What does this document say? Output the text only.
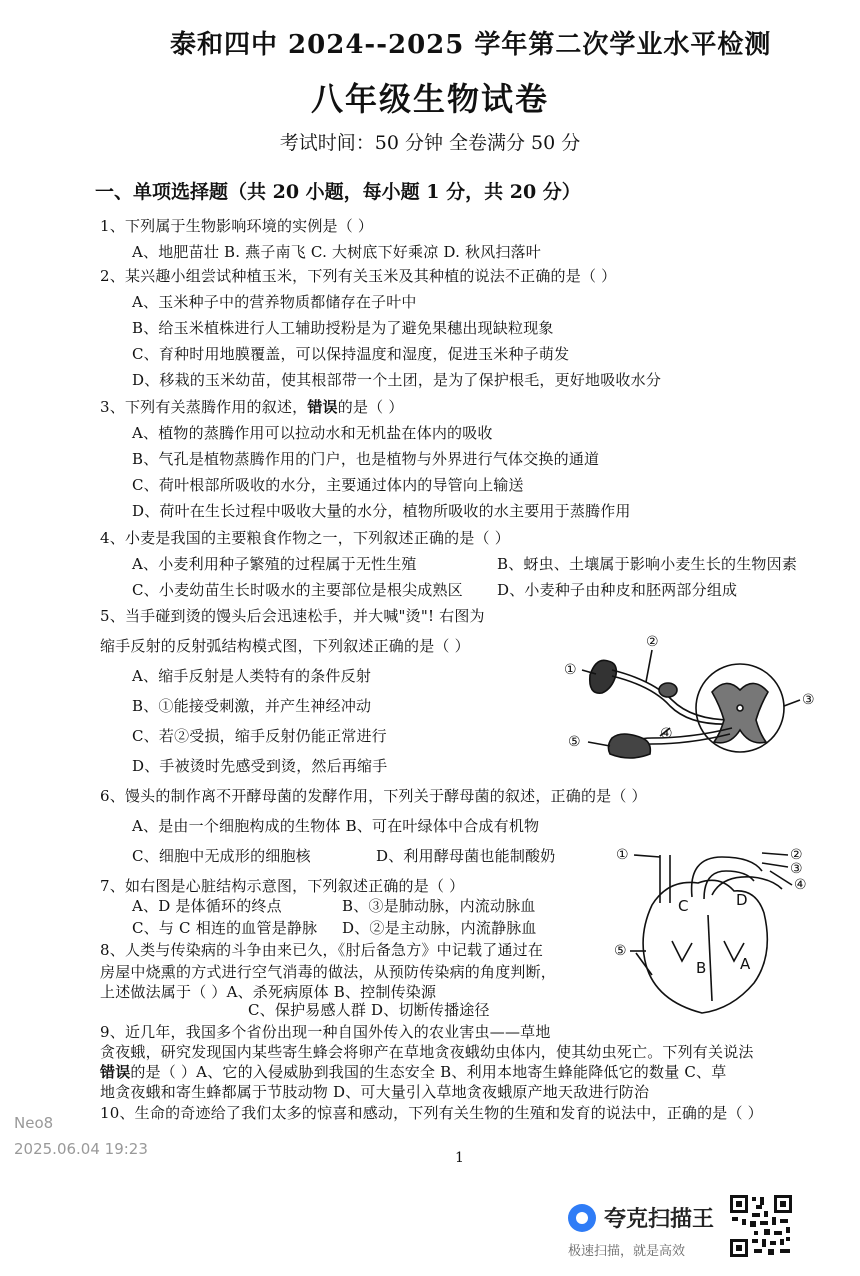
泰和四中 2024--2025 学年第二次学业水平检测
八年级生物试卷
考试时间：50 分钟 全卷满分 50 分
一、单项选择题（共 20 小题，每小题 1 分，共 20 分）
1、下列属于生物影响环境的实例是（ ）
A、地肥苗壮 B. 燕子南飞 C. 大树底下好乘凉 D. 秋风扫落叶
2、某兴趣小组尝试种植玉米，下列有关玉米及其种植的说法不正确的是（ ）
A、玉米种子中的营养物质都储存在子叶中
B、给玉米植株进行人工辅助授粉是为了避免果穗出现缺粒现象
C、育种时用地膜覆盖，可以保持温度和湿度，促进玉米种子萌发
D、移栽的玉米幼苗，使其根部带一个土团，是为了保护根毛，更好地吸收水分
3、下列有关蒸腾作用的叙述，错误的是（ ）
A、植物的蒸腾作用可以拉动水和无机盐在体内的吸收
B、气孔是植物蒸腾作用的门户，也是植物与外界进行气体交换的通道
C、荷叶根部所吸收的水分，主要通过体内的导管向上输送
D、荷叶在生长过程中吸收大量的水分，植物所吸收的水主要用于蒸腾作用
4、小麦是我国的主要粮食作物之一，下列叙述正确的是（ ）
A、小麦利用种子繁殖的过程属于无性生殖	B、蚜虫、土壤属于影响小麦生长的生物因素
C、小麦幼苗生长时吸水的主要部位是根尖成熟区 D、小麦种子由种皮和胚两部分组成
5、当手碰到烫的馒头后会迅速松手，并大喊"烫"! 右图为
缩手反射的反射弧结构模式图，下列叙述正确的是（ ）
A、缩手反射是人类特有的条件反射
B、①能接受刺激，并产生神经冲动
C、若②受损，缩手反射仍能正常进行
D、手被烫时先感受到烫，然后再缩手
①
②
③
④
⑤
6、馒头的制作离不开酵母菌的发酵作用，下列关于酵母菌的叙述，正确的是（ ）
A、是由一个细胞构成的生物体 B、可在叶绿体中合成有机物
C、细胞中无成形的细胞核	D、利用酵母菌也能制酸奶
7、如右图是心脏结构示意图，下列叙述正确的是（ ）
A、D 是体循环的终点	B、③是肺动脉，内流动脉血
C、与 C 相连的血管是静脉 D、②是主动脉，内流静脉血
①	②
③
④
⑤
C	D
B A
8、人类与传染病的斗争由来已久，《肘后备急方》中记载了通过在
房屋中烧熏的方式进行空气消毒的做法，从预防传染病的角度判断，
上述做法属于（ ）A、杀死病原体 B、控制传染源
C、保护易感人群 D、切断传播途径
9、近几年，我国多个省份出现一种自国外传入的农业害虫——草地
贪夜蛾，研究发现国内某些寄生蜂会将卵产在草地贪夜蛾幼虫体内，使其幼虫死亡。下列有关说法
错误的是（ ）A、它的入侵威胁到我国的生态安全 B、利用本地寄生蜂能降低它的数量 C、草
地贪夜蛾和寄生蜂都属于节肢动物 D、可大量引入草地贪夜蛾原产地天敌进行防治
10、生命的奇迹给了我们太多的惊喜和感动，下列有关生物的生殖和发育的说法中，正确的是（ ）
Neo8
2025.06.04 19:23	1
夸克扫描王
极速扫描，就是高效
